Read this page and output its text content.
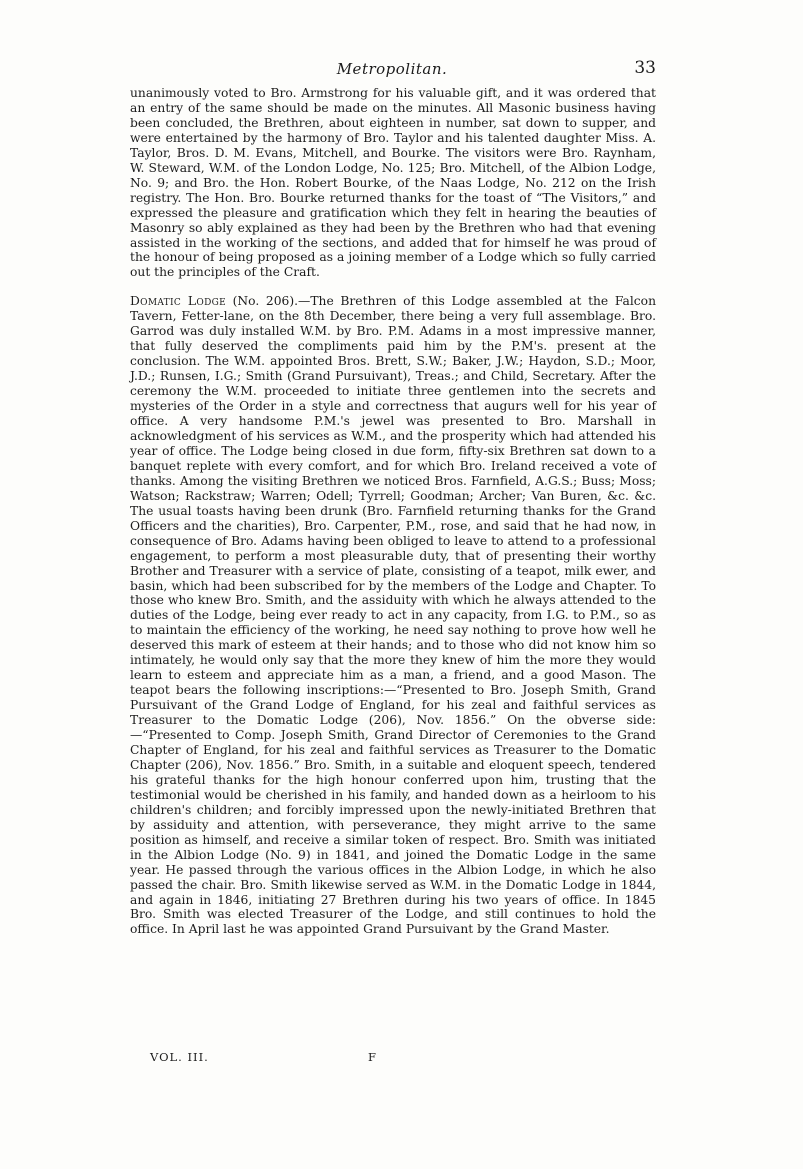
Metropolitan.	33

unanimously voted to Bro. Armstrong for his valuable gift, and it was ordered that an entry of the same should be made on the minutes. All Masonic business having been concluded, the Brethren, about eighteen in number, sat down to supper, and were entertained by the harmony of Bro. Taylor and his talented daughter Miss. A. Taylor, Bros. D. M. Evans, Mitchell, and Bourke. The visitors were Bro. Raynham, W. Steward, W.M. of the London Lodge, No. 125; Bro. Mitchell, of the Albion Lodge, No. 9; and Bro. the Hon. Robert Bourke, of the Naas Lodge, No. 212 on the Irish registry. The Hon. Bro. Bourke returned thanks for the toast of “The Visitors,” and expressed the pleasure and gratification which they felt in hearing the beauties of Masonry so ably explained as they had been by the Brethren who had that evening assisted in the working of the sections, and added that for himself he was proud of the honour of being proposed as a joining member of a Lodge which so fully carried out the principles of the Craft.

Domatic Lodge (No. 206).—The Brethren of this Lodge assembled at the Falcon Tavern, Fetter-lane, on the 8th December, there being a very full assemblage. Bro. Garrod was duly installed W.M. by Bro. P.M. Adams in a most impressive manner, that fully deserved the compliments paid him by the P.M's. present at the conclusion. The W.M. appointed Bros. Brett, S.W.; Baker, J.W.; Haydon, S.D.; Moor, J.D.; Runsen, I.G.; Smith (Grand Pursuivant), Treas.; and Child, Secretary. After the ceremony the W.M. proceeded to initiate three gentlemen into the secrets and mysteries of the Order in a style and correctness that augurs well for his year of office. A very handsome P.M.'s jewel was presented to Bro. Marshall in acknowledgment of his services as W.M., and the prosperity which had attended his year of office. The Lodge being closed in due form, fifty-six Brethren sat down to a banquet replete with every comfort, and for which Bro. Ireland received a vote of thanks. Among the visiting Brethren we noticed Bros. Farnfield, A.G.S.; Buss; Moss; Watson; Rackstraw; Warren; Odell; Tyrrell; Goodman; Archer; Van Buren, &c. &c. The usual toasts having been drunk (Bro. Farnfield returning thanks for the Grand Officers and the charities), Bro. Carpenter, P.M., rose, and said that he had now, in consequence of Bro. Adams having been obliged to leave to attend to a professional engagement, to perform a most pleasurable duty, that of presenting their worthy Brother and Treasurer with a service of plate, consisting of a teapot, milk ewer, and basin, which had been subscribed for by the members of the Lodge and Chapter. To those who knew Bro. Smith, and the assiduity with which he always attended to the duties of the Lodge, being ever ready to act in any capacity, from I.G. to P.M., so as to maintain the efficiency of the working, he need say nothing to prove how well he deserved this mark of esteem at their hands; and to those who did not know him so intimately, he would only say that the more they knew of him the more they would learn to esteem and appreciate him as a man, a friend, and a good Mason. The teapot bears the following inscriptions:—“Presented to Bro. Joseph Smith, Grand Pursuivant of the Grand Lodge of England, for his zeal and faithful services as Treasurer to the Domatic Lodge (206), Nov. 1856.” On the obverse side:—“Presented to Comp. Joseph Smith, Grand Director of Ceremonies to the Grand Chapter of England, for his zeal and faithful services as Treasurer to the Domatic Chapter (206), Nov. 1856.” Bro. Smith, in a suitable and eloquent speech, tendered his grateful thanks for the high honour conferred upon him, trusting that the testimonial would be cherished in his family, and handed down as a heirloom to his children's children; and forcibly impressed upon the newly-initiated Brethren that by assiduity and attention, with perseverance, they might arrive to the same position as himself, and receive a similar token of respect. Bro. Smith was initiated in the Albion Lodge (No. 9) in 1841, and joined the Domatic Lodge in the same year. He passed through the various offices in the Albion Lodge, in which he also passed the chair. Bro. Smith likewise served as W.M. in the Domatic Lodge in 1844, and again in 1846, initiating 27 Brethren during his two years of office. In 1845 Bro. Smith was elected Treasurer of the Lodge, and still continues to hold the office. In April last he was appointed Grand Pursuivant by the Grand Master.

VOL. III.	F
